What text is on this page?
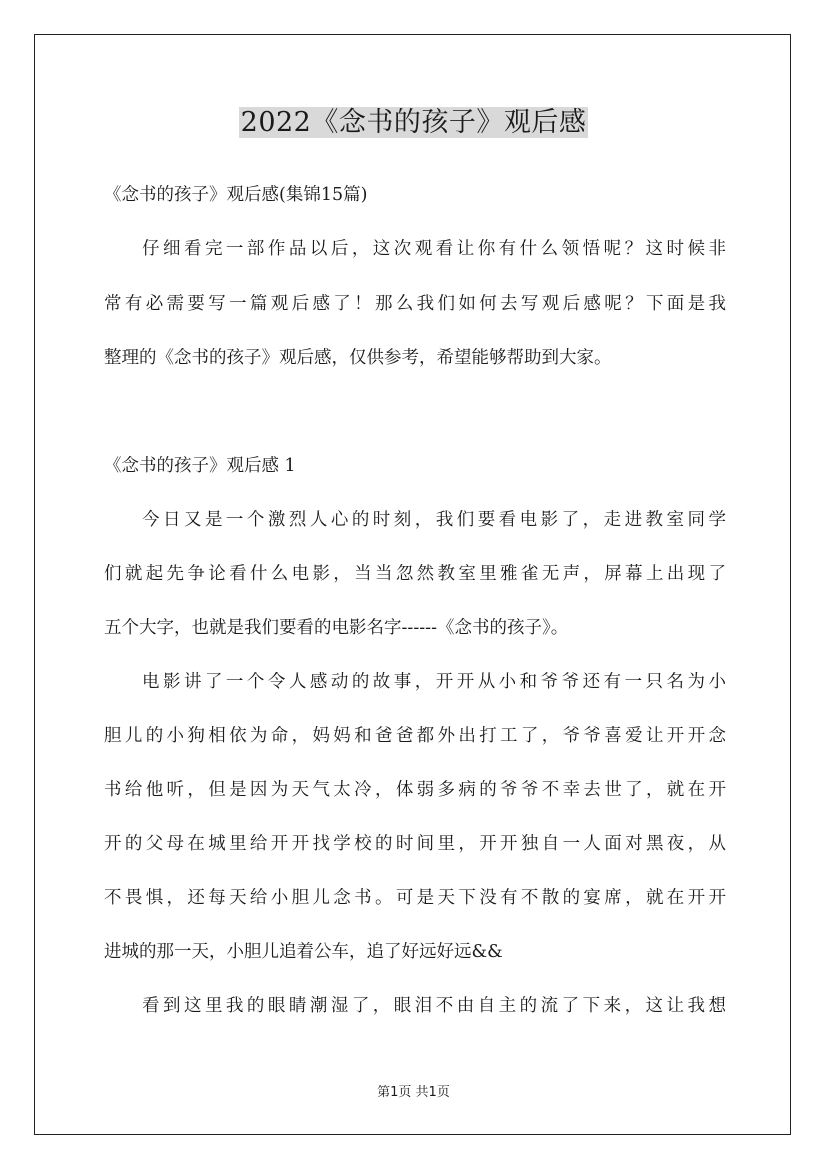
2022《念书的孩子》观后感
《念书的孩子》观后感(集锦15篇)
仔细看完一部作品以后，这次观看让你有什么领悟呢？这时候非
常有必需要写一篇观后感了！那么我们如何去写观后感呢？下面是我
整理的《念书的孩子》观后感，仅供参考，希望能够帮助到大家。
《念书的孩子》观后感 1
今日又是一个激烈人心的时刻，我们要看电影了，走进教室同学
们就起先争论看什么电影，当当忽然教室里雅雀无声，屏幕上出现了
五个大字，也就是我们要看的电影名字------《念书的孩子》。
电影讲了一个令人感动的故事，开开从小和爷爷还有一只名为小
胆儿的小狗相依为命，妈妈和爸爸都外出打工了，爷爷喜爱让开开念
书给他听，但是因为天气太冷，体弱多病的爷爷不幸去世了，就在开
开的父母在城里给开开找学校的时间里，开开独自一人面对黑夜，从
不畏惧，还每天给小胆儿念书。可是天下没有不散的宴席，就在开开
进城的那一天，小胆儿追着公车，追了好远好远&&
看到这里我的眼睛潮湿了，眼泪不由自主的流了下来，这让我想
第1页 共1页
